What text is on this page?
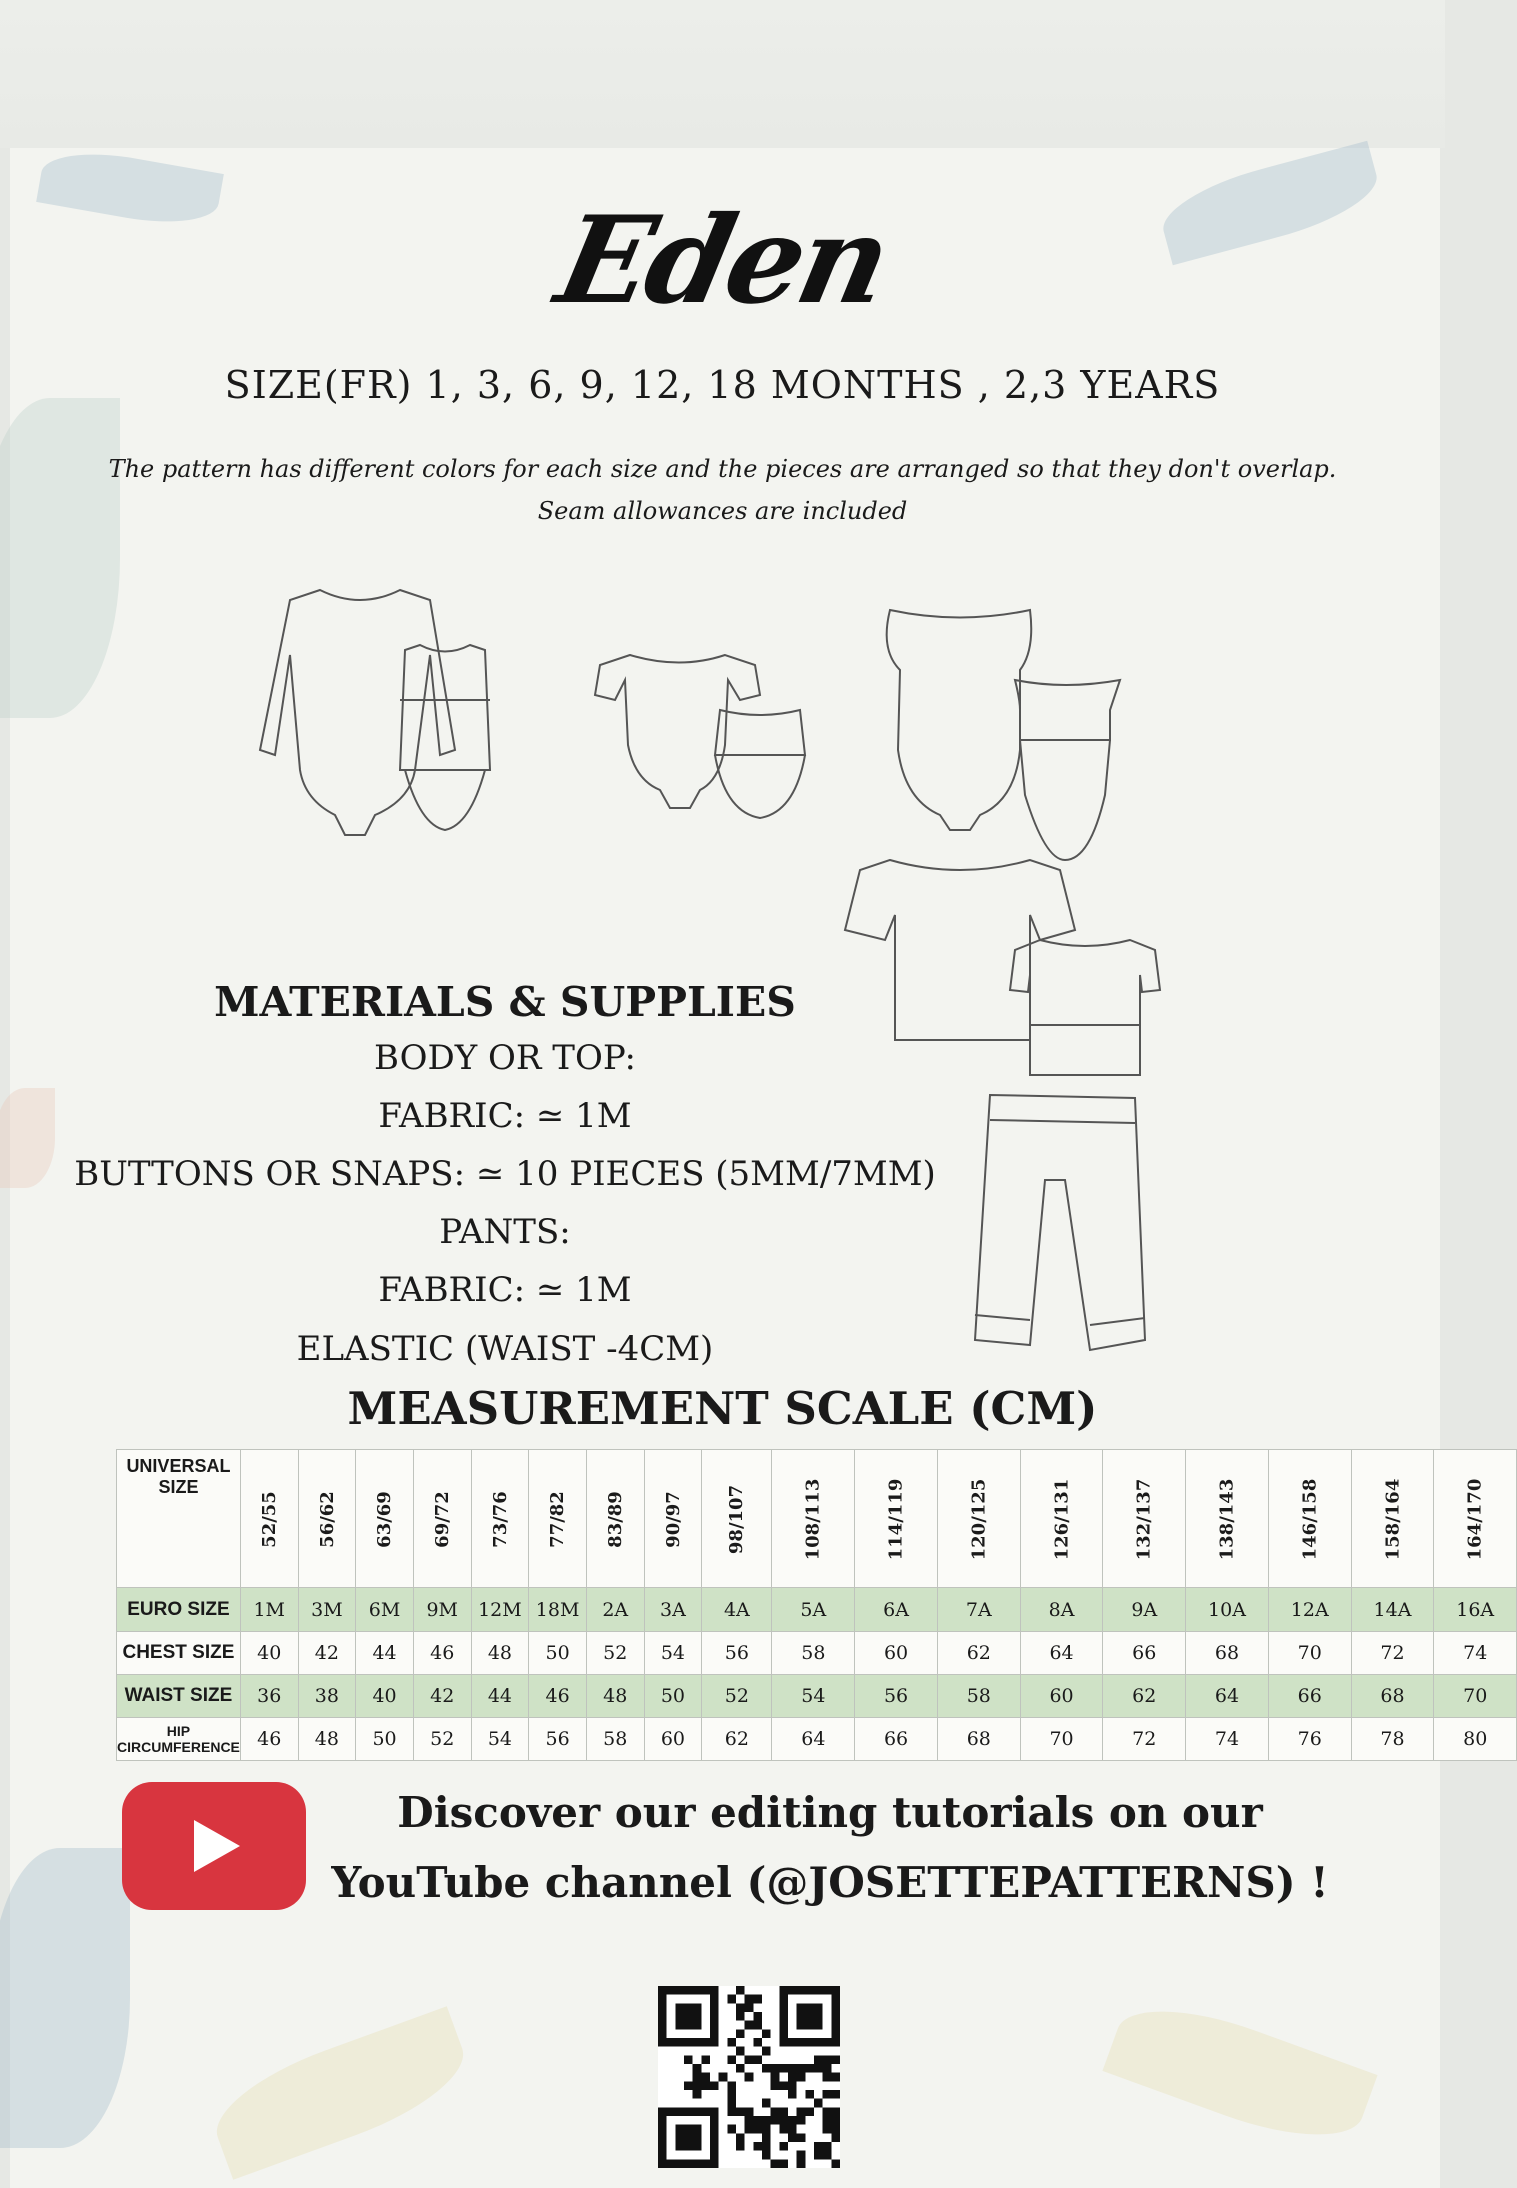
Eden
SIZE(FR) 1, 3, 6, 9, 12, 18 MONTHS , 2,3 YEARS
The pattern has different colors for each size and the pieces are arranged so that they don't overlap.
Seam allowances are included
MATERIALS & SUPPLIES
BODY OR TOP:
FABRIC: ≃ 1M
BUTTONS OR SNAPS: ≃ 10 PIECES (5MM/7MM)
PANTS:
FABRIC: ≃ 1M
ELASTIC (WAIST -4CM)
MEASUREMENT SCALE (CM)
UNIVERSAL SIZE	52/55	56/62	63/69	69/72	73/76	77/82	83/89	90/97	98/107	108/113	114/119	120/125	126/131	132/137	138/143	146/158	158/164	164/170
EURO SIZE	1M	3M	6M	9M	12M	18M	2A	3A	4A	5A	6A	7A	8A	9A	10A	12A	14A	16A
CHEST SIZE	40	42	44	46	48	50	52	54	56	58	60	62	64	66	68	70	72	74
WAIST SIZE	36	38	40	42	44	46	48	50	52	54	56	58	60	62	64	66	68	70
HIP CIRCUMFERENCE	46	48	50	52	54	56	58	60	62	64	66	68	70	72	74	76	78	80
Discover our editing tutorials on our
YouTube channel (@JOSETTEPATTERNS) !
